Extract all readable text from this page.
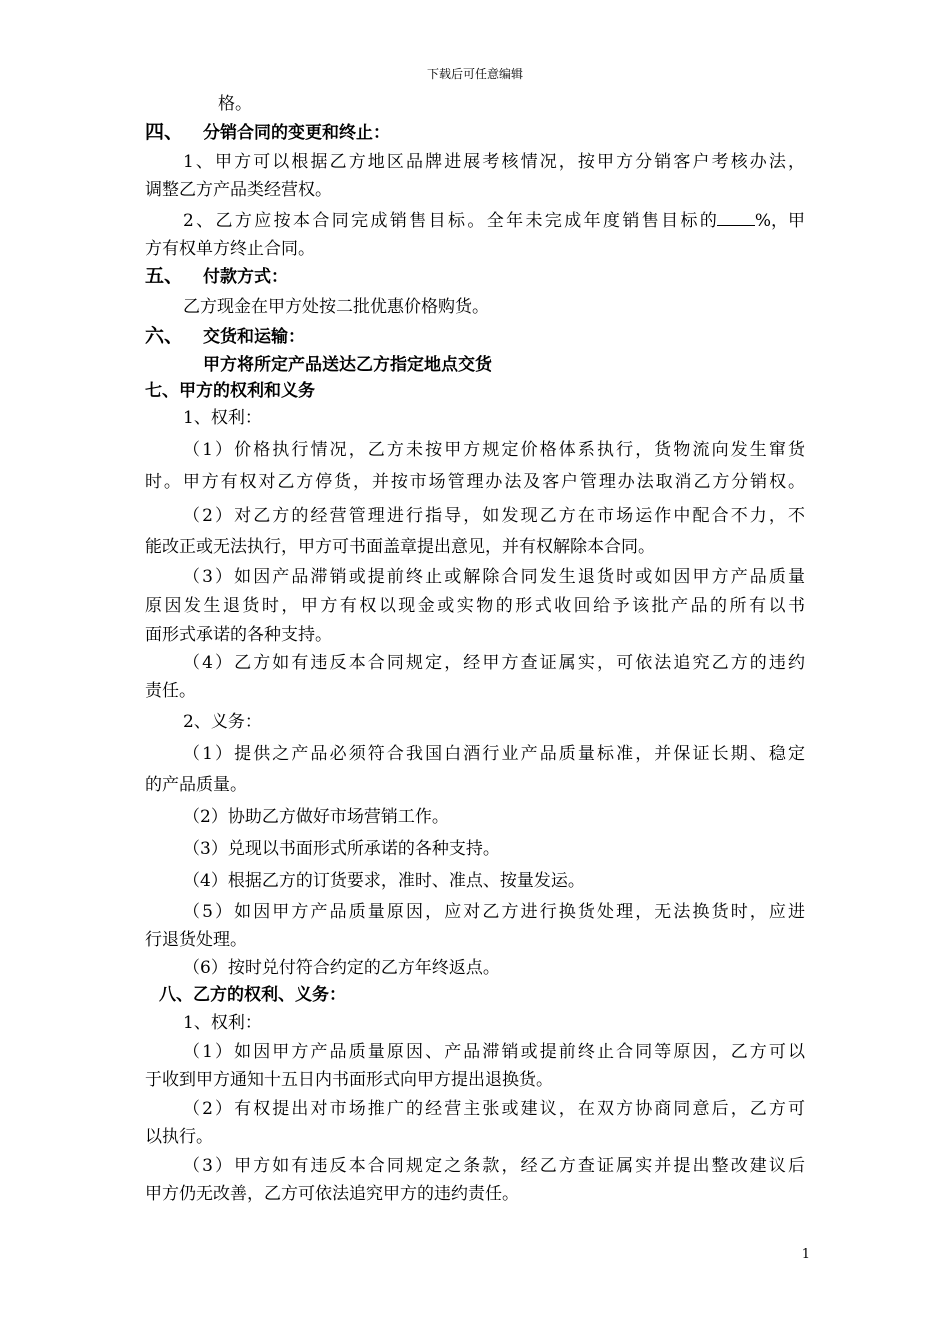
下载后可任意编辑
格。
四、 分销合同的变更和终止：
1、甲方可以根据乙方地区品牌进展考核情况，按甲方分销客户考核办法，
调整乙方产品类经营权。
2、乙方应按本合同完成销售目标。全年未完成年度销售目标的 %，甲
方有权单方终止合同。
五、 付款方式：
乙方现金在甲方处按二批优惠价格购货。
六、 交货和运输：
甲方将所定产品送达乙方指定地点交货
七、甲方的权利和义务
1、权利：
（1）价格执行情况，乙方未按甲方规定价格体系执行，货物流向发生窜货
时。甲方有权对乙方停货，并按市场管理办法及客户管理办法取消乙方分销权。
（2）对乙方的经营管理进行指导，如发现乙方在市场运作中配合不力，不
能改正或无法执行，甲方可书面盖章提出意见，并有权解除本合同。
（3）如因产品滞销或提前终止或解除合同发生退货时或如因甲方产品质量
原因发生退货时，甲方有权以现金或实物的形式收回给予该批产品的所有以书
面形式承诺的各种支持。
（4）乙方如有违反本合同规定，经甲方查证属实，可依法追究乙方的违约
责任。
2、义务：
（1）提供之产品必须符合我国白酒行业产品质量标准，并保证长期、稳定
的产品质量。
（2）协助乙方做好市场营销工作。
（3）兑现以书面形式所承诺的各种支持。
（4）根据乙方的订货要求，准时、准点、按量发运。
（5）如因甲方产品质量原因，应对乙方进行换货处理，无法换货时，应进
行退货处理。
（6）按时兑付符合约定的乙方年终返点。
八、乙方的权利、义务：
1、权利：
（1）如因甲方产品质量原因、产品滞销或提前终止合同等原因，乙方可以
于收到甲方通知十五日内书面形式向甲方提出退换货。
（2）有权提出对市场推广的经营主张或建议，在双方协商同意后，乙方可
以执行。
（3）甲方如有违反本合同规定之条款，经乙方查证属实并提出整改建议后
甲方仍无改善，乙方可依法追究甲方的违约责任。
1
